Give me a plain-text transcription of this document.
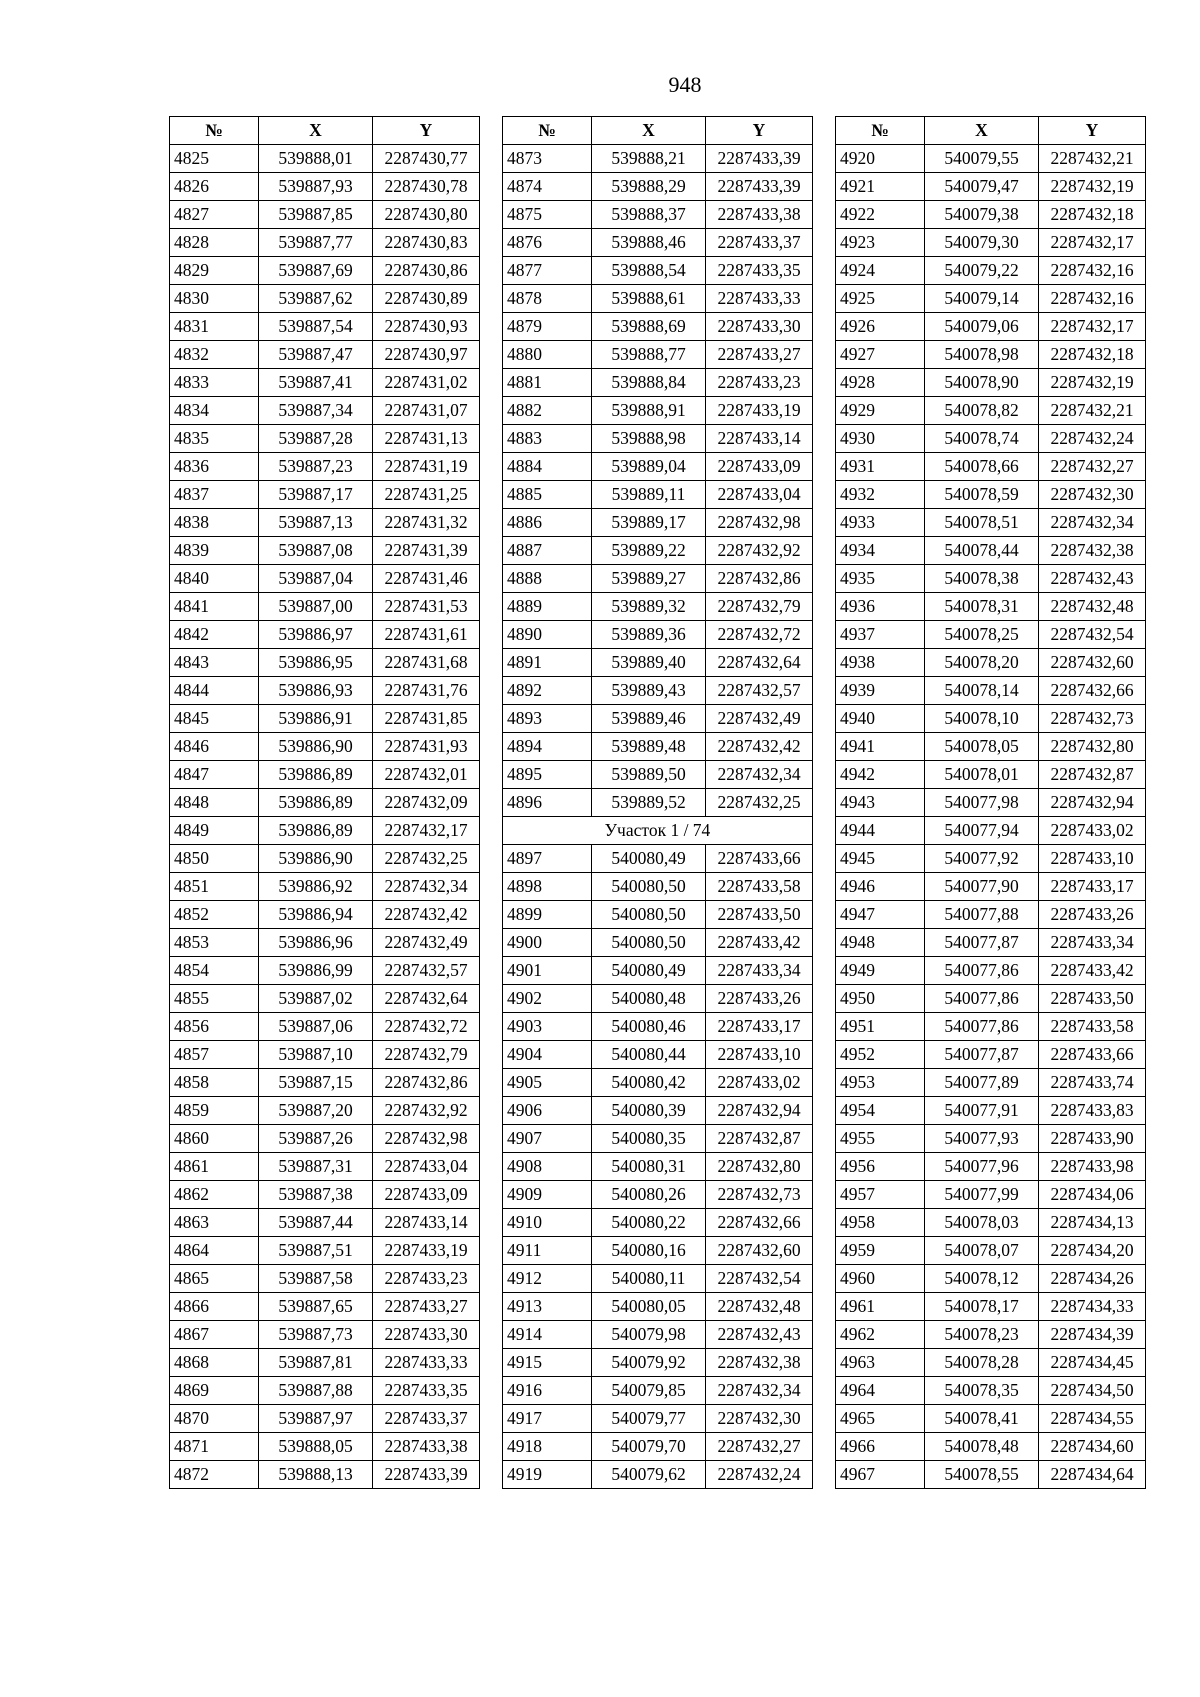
948
№	X	Y
4825	539888,01	2287430,77
4826	539887,93	2287430,78
4827	539887,85	2287430,80
4828	539887,77	2287430,83
4829	539887,69	2287430,86
4830	539887,62	2287430,89
4831	539887,54	2287430,93
4832	539887,47	2287430,97
4833	539887,41	2287431,02
4834	539887,34	2287431,07
4835	539887,28	2287431,13
4836	539887,23	2287431,19
4837	539887,17	2287431,25
4838	539887,13	2287431,32
4839	539887,08	2287431,39
4840	539887,04	2287431,46
4841	539887,00	2287431,53
4842	539886,97	2287431,61
4843	539886,95	2287431,68
4844	539886,93	2287431,76
4845	539886,91	2287431,85
4846	539886,90	2287431,93
4847	539886,89	2287432,01
4848	539886,89	2287432,09
4849	539886,89	2287432,17
4850	539886,90	2287432,25
4851	539886,92	2287432,34
4852	539886,94	2287432,42
4853	539886,96	2287432,49
4854	539886,99	2287432,57
4855	539887,02	2287432,64
4856	539887,06	2287432,72
4857	539887,10	2287432,79
4858	539887,15	2287432,86
4859	539887,20	2287432,92
4860	539887,26	2287432,98
4861	539887,31	2287433,04
4862	539887,38	2287433,09
4863	539887,44	2287433,14
4864	539887,51	2287433,19
4865	539887,58	2287433,23
4866	539887,65	2287433,27
4867	539887,73	2287433,30
4868	539887,81	2287433,33
4869	539887,88	2287433,35
4870	539887,97	2287433,37
4871	539888,05	2287433,38
4872	539888,13	2287433,39
№	X	Y
4873	539888,21	2287433,39
4874	539888,29	2287433,39
4875	539888,37	2287433,38
4876	539888,46	2287433,37
4877	539888,54	2287433,35
4878	539888,61	2287433,33
4879	539888,69	2287433,30
4880	539888,77	2287433,27
4881	539888,84	2287433,23
4882	539888,91	2287433,19
4883	539888,98	2287433,14
4884	539889,04	2287433,09
4885	539889,11	2287433,04
4886	539889,17	2287432,98
4887	539889,22	2287432,92
4888	539889,27	2287432,86
4889	539889,32	2287432,79
4890	539889,36	2287432,72
4891	539889,40	2287432,64
4892	539889,43	2287432,57
4893	539889,46	2287432,49
4894	539889,48	2287432,42
4895	539889,50	2287432,34
4896	539889,52	2287432,25
Участок 1 / 74		
4897	540080,49	2287433,66
4898	540080,50	2287433,58
4899	540080,50	2287433,50
4900	540080,50	2287433,42
4901	540080,49	2287433,34
4902	540080,48	2287433,26
4903	540080,46	2287433,17
4904	540080,44	2287433,10
4905	540080,42	2287433,02
4906	540080,39	2287432,94
4907	540080,35	2287432,87
4908	540080,31	2287432,80
4909	540080,26	2287432,73
4910	540080,22	2287432,66
4911	540080,16	2287432,60
4912	540080,11	2287432,54
4913	540080,05	2287432,48
4914	540079,98	2287432,43
4915	540079,92	2287432,38
4916	540079,85	2287432,34
4917	540079,77	2287432,30
4918	540079,70	2287432,27
4919	540079,62	2287432,24
№	X	Y
4920	540079,55	2287432,21
4921	540079,47	2287432,19
4922	540079,38	2287432,18
4923	540079,30	2287432,17
4924	540079,22	2287432,16
4925	540079,14	2287432,16
4926	540079,06	2287432,17
4927	540078,98	2287432,18
4928	540078,90	2287432,19
4929	540078,82	2287432,21
4930	540078,74	2287432,24
4931	540078,66	2287432,27
4932	540078,59	2287432,30
4933	540078,51	2287432,34
4934	540078,44	2287432,38
4935	540078,38	2287432,43
4936	540078,31	2287432,48
4937	540078,25	2287432,54
4938	540078,20	2287432,60
4939	540078,14	2287432,66
4940	540078,10	2287432,73
4941	540078,05	2287432,80
4942	540078,01	2287432,87
4943	540077,98	2287432,94
4944	540077,94	2287433,02
4945	540077,92	2287433,10
4946	540077,90	2287433,17
4947	540077,88	2287433,26
4948	540077,87	2287433,34
4949	540077,86	2287433,42
4950	540077,86	2287433,50
4951	540077,86	2287433,58
4952	540077,87	2287433,66
4953	540077,89	2287433,74
4954	540077,91	2287433,83
4955	540077,93	2287433,90
4956	540077,96	2287433,98
4957	540077,99	2287434,06
4958	540078,03	2287434,13
4959	540078,07	2287434,20
4960	540078,12	2287434,26
4961	540078,17	2287434,33
4962	540078,23	2287434,39
4963	540078,28	2287434,45
4964	540078,35	2287434,50
4965	540078,41	2287434,55
4966	540078,48	2287434,60
4967	540078,55	2287434,64
